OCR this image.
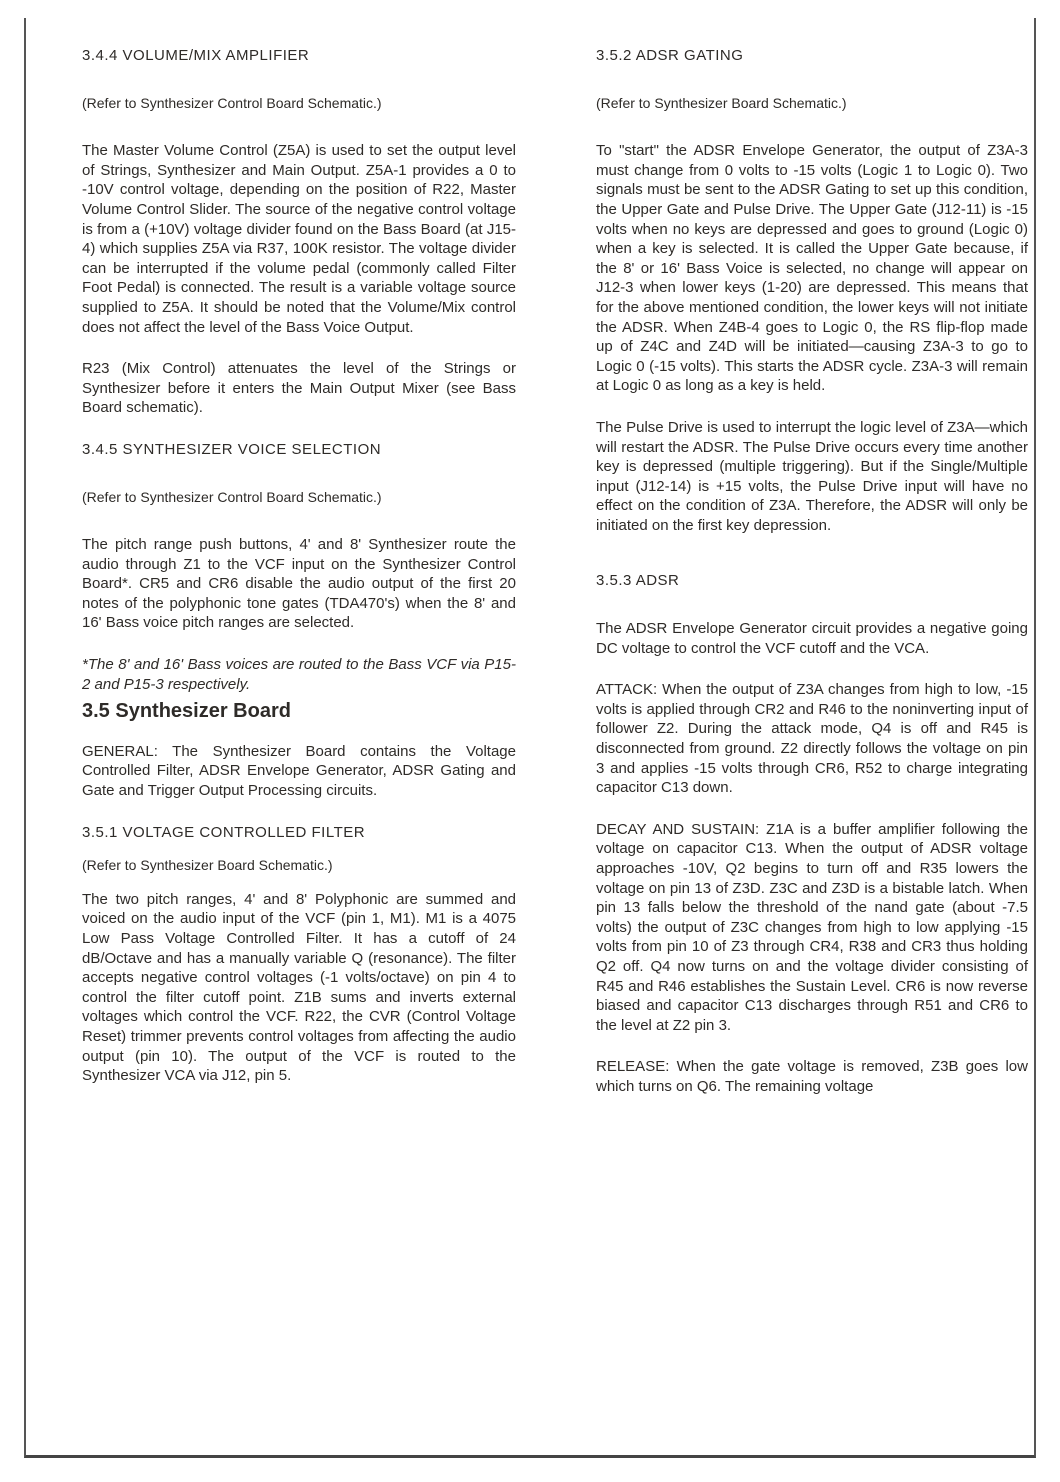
3.4.4 VOLUME/MIX AMPLIFIER
(Refer to Synthesizer Control Board Schematic.)
The Master Volume Control (Z5A) is used to set the output level of Strings, Synthesizer and Main Output. Z5A-1 provides a 0 to -10V control voltage, depending on the position of R22, Master Volume Control Slider. The source of the negative control voltage is from a (+10V) voltage divider found on the Bass Board (at J15-4) which supplies Z5A via R37, 100K resistor. The voltage divider can be interrupted if the volume pedal (commonly called Filter Foot Pedal) is connected. The result is a variable voltage source supplied to Z5A. It should be noted that the Volume/Mix control does not affect the level of the Bass Voice Output.
R23 (Mix Control) attenuates the level of the Strings or Synthesizer before it enters the Main Output Mixer (see Bass Board schematic).
3.4.5 SYNTHESIZER VOICE SELECTION
(Refer to Synthesizer Control Board Schematic.)
The pitch range push buttons, 4' and 8' Synthesizer route the audio through Z1 to the VCF input on the Synthesizer Control Board*. CR5 and CR6 disable the audio output of the first 20 notes of the polyphonic tone gates (TDA470's) when the 8' and 16' Bass voice pitch ranges are selected.
*The 8' and 16' Bass voices are routed to the Bass VCF via P15-2 and P15-3 respectively.
3.5 Synthesizer Board
GENERAL: The Synthesizer Board contains the Voltage Controlled Filter, ADSR Envelope Generator, ADSR Gating and Gate and Trigger Output Processing circuits.
3.5.1 VOLTAGE CONTROLLED FILTER
(Refer to Synthesizer Board Schematic.)
The two pitch ranges, 4' and 8' Polyphonic are summed and voiced on the audio input of the VCF (pin 1, M1). M1 is a 4075 Low Pass Voltage Controlled Filter. It has a cutoff of 24 dB/Octave and has a manually variable Q (resonance). The filter accepts negative control voltages (-1 volts/octave) on pin 4 to control the filter cutoff point. Z1B sums and inverts external voltages which control the VCF. R22, the CVR (Control Voltage Reset) trimmer prevents control voltages from affecting the audio output (pin 10). The output of the VCF is routed to the Synthesizer VCA via J12, pin 5.
3.5.2 ADSR GATING
(Refer to Synthesizer Board Schematic.)
To "start" the ADSR Envelope Generator, the output of Z3A-3 must change from 0 volts to -15 volts (Logic 1 to Logic 0). Two signals must be sent to the ADSR Gating to set up this condition, the Upper Gate and Pulse Drive. The Upper Gate (J12-11) is -15 volts when no keys are depressed and goes to ground (Logic 0) when a key is selected. It is called the Upper Gate because, if the 8' or 16' Bass Voice is selected, no change will appear on J12-3 when lower keys (1-20) are depressed. This means that for the above mentioned condition, the lower keys will not initiate the ADSR. When Z4B-4 goes to Logic 0, the RS flip-flop made up of Z4C and Z4D will be initiated—causing Z3A-3 to go to Logic 0 (-15 volts). This starts the ADSR cycle. Z3A-3 will remain at Logic 0 as long as a key is held.
The Pulse Drive is used to interrupt the logic level of Z3A—which will restart the ADSR. The Pulse Drive occurs every time another key is depressed (multiple triggering). But if the Single/Multiple input (J12-14) is +15 volts, the Pulse Drive input will have no effect on the condition of Z3A. Therefore, the ADSR will only be initiated on the first key depression.
3.5.3 ADSR
The ADSR Envelope Generator circuit provides a negative going DC voltage to control the VCF cutoff and the VCA.
ATTACK: When the output of Z3A changes from high to low, -15 volts is applied through CR2 and R46 to the noninverting input of follower Z2. During the attack mode, Q4 is off and R45 is disconnected from ground. Z2 directly follows the voltage on pin 3 and applies -15 volts through CR6, R52 to charge integrating capacitor C13 down.
DECAY AND SUSTAIN: Z1A is a buffer amplifier following the voltage on capacitor C13. When the output of ADSR voltage approaches -10V, Q2 begins to turn off and R35 lowers the voltage on pin 13 of Z3D. Z3C and Z3D is a bistable latch. When pin 13 falls below the threshold of the nand gate (about -7.5 volts) the output of Z3C changes from high to low applying -15 volts from pin 10 of Z3 through CR4, R38 and CR3 thus holding Q2 off. Q4 now turns on and the voltage divider consisting of R45 and R46 establishes the Sustain Level. CR6 is now reverse biased and capacitor C13 discharges through R51 and CR6 to the level at Z2 pin 3.
RELEASE: When the gate voltage is removed, Z3B goes low which turns on Q6. The remaining voltage
